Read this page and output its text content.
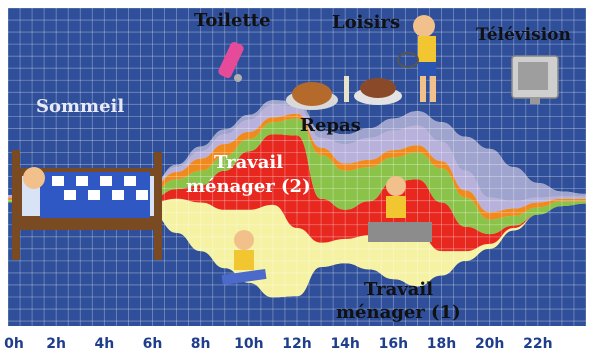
Sommeil
Toilette	Loisirs
Télévision
Repas
Travail
ménager (2)
Travail
ménager (1)
0h 2h 4h 6h 8h 10h 12h 14h 16h 18h 20h 22h
